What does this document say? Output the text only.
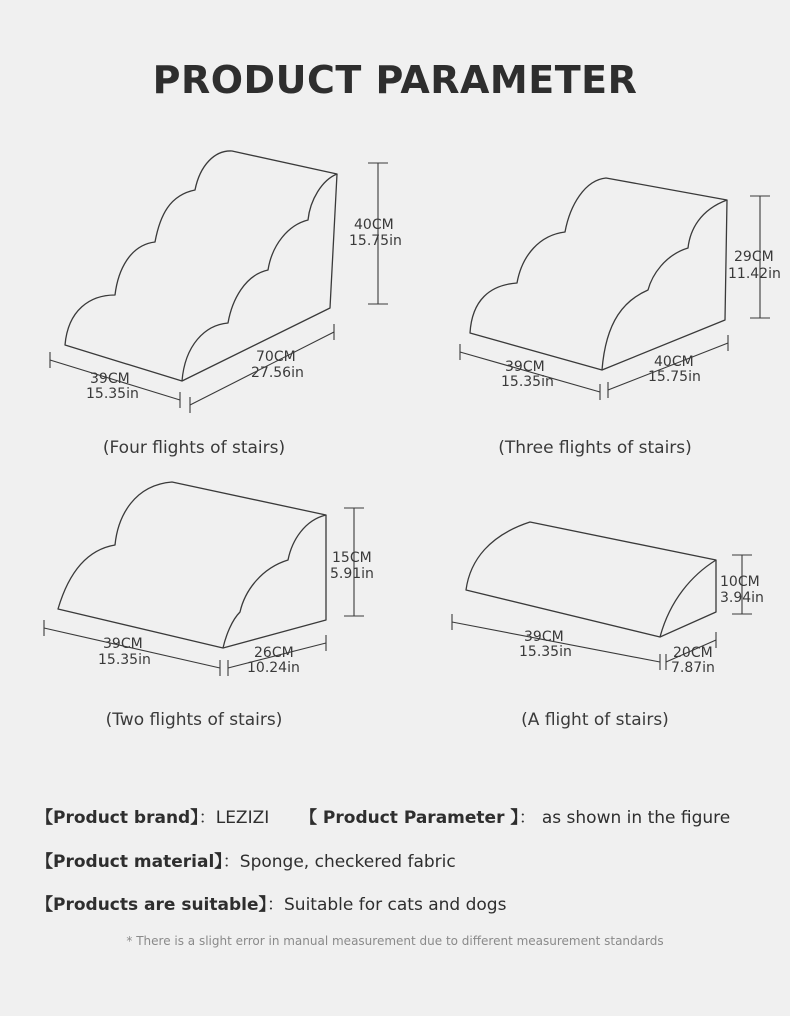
PRODUCT PARAMETER
40CM
15.75in
39CM
15.35in
70CM
27.56in
29CM
11.42in
39CM
15.35in
40CM
15.75in
15CM
5.91in
39CM
15.35in	26CM
10.24in
10CM
3.94in
39CM
15.35in	20CM
7.87in
(Four flights of stairs)	(Three flights of stairs)
(Two flights of stairs)	(A flight of stairs)
【Product brand】：LEZIZI 【 Product Parameter 】： as shown in the figure
【Product material】：Sponge, checkered fabric
【Products are suitable】：Suitable for cats and dogs
* There is a slight error in manual measurement due to different measurement standards
